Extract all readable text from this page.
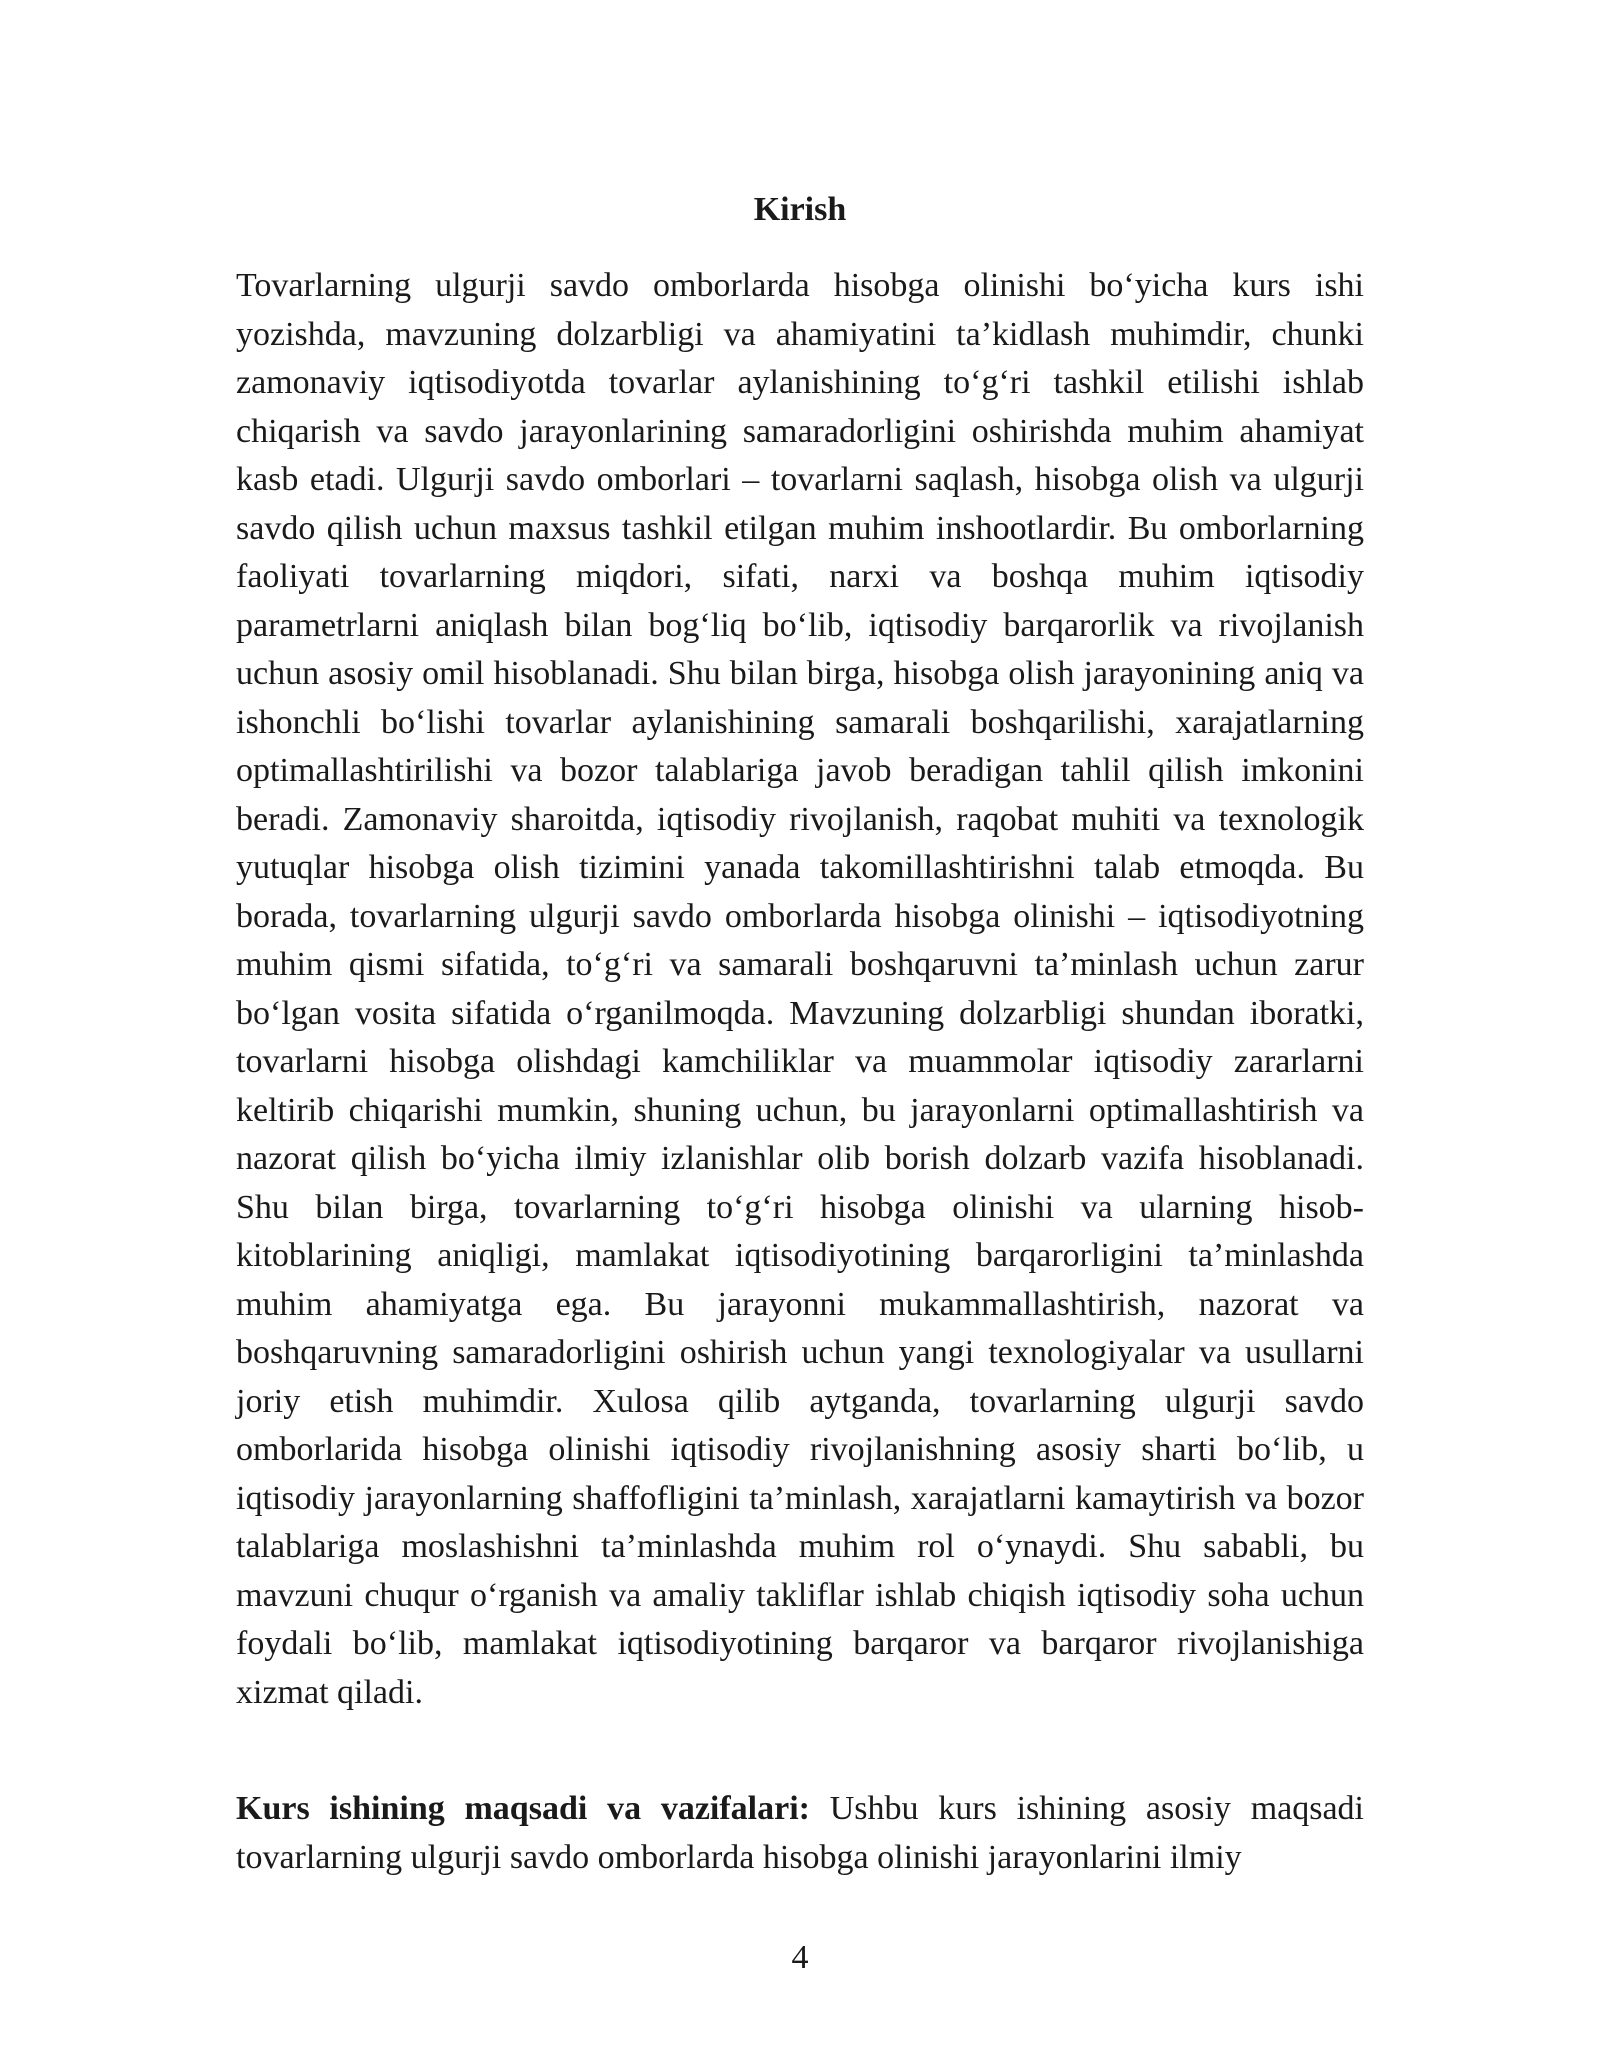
Kirish

Tovarlarning ulgurji savdo omborlarda hisobga olinishi bo‘yicha kurs ishi yozishda, mavzuning dolzarbligi va ahamiyatini ta’kidlash muhimdir, chunki zamonaviy iqtisodiyotda tovarlar aylanishining to‘g‘ri tashkil etilishi ishlab chiqarish va savdo jarayonlarining samaradorligini oshirishda muhim ahamiyat kasb etadi. Ulgurji savdo omborlari – tovarlarni saqlash, hisobga olish va ulgurji savdo qilish uchun maxsus tashkil etilgan muhim inshootlardir. Bu omborlarning faoliyati tovarlarning miqdori, sifati, narxi va boshqa muhim iqtisodiy parametrlarni aniqlash bilan bog‘liq bo‘lib, iqtisodiy barqarorlik va rivojlanish uchun asosiy omil hisoblanadi. Shu bilan birga, hisobga olish jarayonining aniq va ishonchli bo‘lishi tovarlar aylanishining samarali boshqarilishi, xarajatlarning optimallashtirilishi va bozor talablariga javob beradigan tahlil qilish imkonini beradi. Zamonaviy sharoitda, iqtisodiy rivojlanish, raqobat muhiti va texnologik yutuqlar hisobga olish tizimini yanada takomillashtirishni talab etmoqda. Bu borada, tovarlarning ulgurji savdo omborlarda hisobga olinishi – iqtisodiyotning muhim qismi sifatida, to‘g‘ri va samarali boshqaruvni ta’minlash uchun zarur bo‘lgan vosita sifatida o‘rganilmoqda. Mavzuning dolzarbligi shundan iboratki, tovarlarni hisobga olishdagi kamchiliklar va muammolar iqtisodiy zararlarni keltirib chiqarishi mumkin, shuning uchun, bu jarayonlarni optimallashtirish va nazorat qilish bo‘yicha ilmiy izlanishlar olib borish dolzarb vazifa hisoblanadi. Shu bilan birga, tovarlarning to‘g‘ri hisobga olinishi va ularning hisob-kitoblarining aniqligi, mamlakat iqtisodiyotining barqarorligini ta’minlashda muhim ahamiyatga ega. Bu jarayonni mukammallashtirish, nazorat va boshqaruvning samaradorligini oshirish uchun yangi texnologiyalar va usullarni joriy etish muhimdir. Xulosa qilib aytganda, tovarlarning ulgurji savdo omborlarida hisobga olinishi iqtisodiy rivojlanishning asosiy sharti bo‘lib, u iqtisodiy jarayonlarning shaffofligini ta’minlash, xarajatlarni kamaytirish va bozor talablariga moslashishni ta’minlashda muhim rol o‘ynaydi. Shu sababli, bu mavzuni chuqur o‘rganish va amaliy takliflar ishlab chiqish iqtisodiy soha uchun foydali bo‘lib, mamlakat iqtisodiyotining barqaror va barqaror rivojlanishiga xizmat qiladi.

Kurs ishining maqsadi va vazifalari: Ushbu kurs ishining asosiy maqsadi tovarlarning ulgurji savdo omborlarda hisobga olinishi jarayonlarini ilmiy

4
